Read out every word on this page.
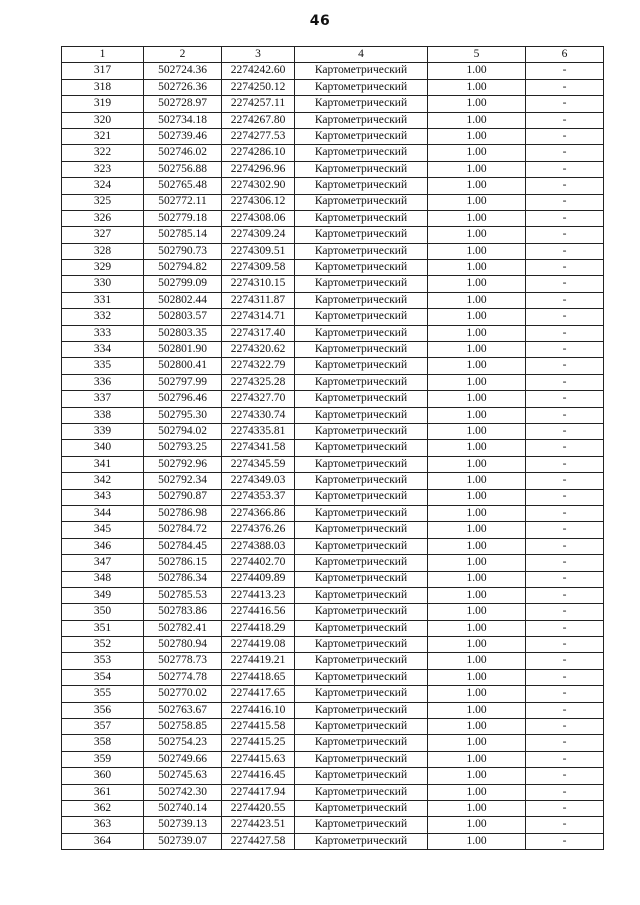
46
1	2	3	4	5	6
317	502724.36	2274242.60	Картометрический	1.00	-
318	502726.36	2274250.12	Картометрический	1.00	-
319	502728.97	2274257.11	Картометрический	1.00	-
320	502734.18	2274267.80	Картометрический	1.00	-
321	502739.46	2274277.53	Картометрический	1.00	-
322	502746.02	2274286.10	Картометрический	1.00	-
323	502756.88	2274296.96	Картометрический	1.00	-
324	502765.48	2274302.90	Картометрический	1.00	-
325	502772.11	2274306.12	Картометрический	1.00	-
326	502779.18	2274308.06	Картометрический	1.00	-
327	502785.14	2274309.24	Картометрический	1.00	-
328	502790.73	2274309.51	Картометрический	1.00	-
329	502794.82	2274309.58	Картометрический	1.00	-
330	502799.09	2274310.15	Картометрический	1.00	-
331	502802.44	2274311.87	Картометрический	1.00	-
332	502803.57	2274314.71	Картометрический	1.00	-
333	502803.35	2274317.40	Картометрический	1.00	-
334	502801.90	2274320.62	Картометрический	1.00	-
335	502800.41	2274322.79	Картометрический	1.00	-
336	502797.99	2274325.28	Картометрический	1.00	-
337	502796.46	2274327.70	Картометрический	1.00	-
338	502795.30	2274330.74	Картометрический	1.00	-
339	502794.02	2274335.81	Картометрический	1.00	-
340	502793.25	2274341.58	Картометрический	1.00	-
341	502792.96	2274345.59	Картометрический	1.00	-
342	502792.34	2274349.03	Картометрический	1.00	-
343	502790.87	2274353.37	Картометрический	1.00	-
344	502786.98	2274366.86	Картометрический	1.00	-
345	502784.72	2274376.26	Картометрический	1.00	-
346	502784.45	2274388.03	Картометрический	1.00	-
347	502786.15	2274402.70	Картометрический	1.00	-
348	502786.34	2274409.89	Картометрический	1.00	-
349	502785.53	2274413.23	Картометрический	1.00	-
350	502783.86	2274416.56	Картометрический	1.00	-
351	502782.41	2274418.29	Картометрический	1.00	-
352	502780.94	2274419.08	Картометрический	1.00	-
353	502778.73	2274419.21	Картометрический	1.00	-
354	502774.78	2274418.65	Картометрический	1.00	-
355	502770.02	2274417.65	Картометрический	1.00	-
356	502763.67	2274416.10	Картометрический	1.00	-
357	502758.85	2274415.58	Картометрический	1.00	-
358	502754.23	2274415.25	Картометрический	1.00	-
359	502749.66	2274415.63	Картометрический	1.00	-
360	502745.63	2274416.45	Картометрический	1.00	-
361	502742.30	2274417.94	Картометрический	1.00	-
362	502740.14	2274420.55	Картометрический	1.00	-
363	502739.13	2274423.51	Картометрический	1.00	-
364	502739.07	2274427.58	Картометрический	1.00	-
